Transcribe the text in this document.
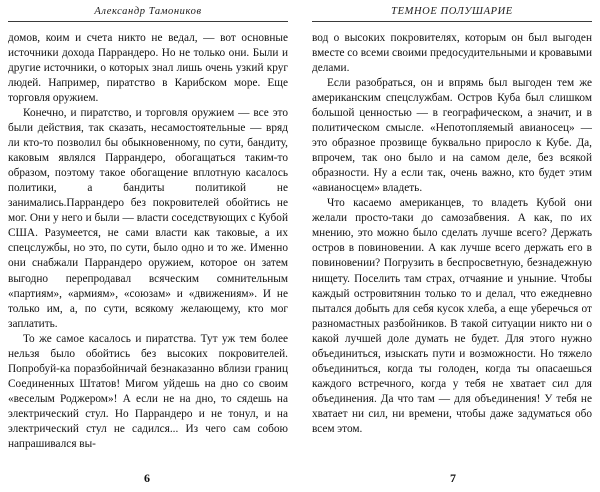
Александр Тамоников

домов, коим и счета никто не ведал, — вот основные источники дохода Паррандеро. Но не только они. Были и другие источники, о которых знал лишь очень узкий круг людей. Например, пиратство в Карибском море. Еще торговля оружием.

Конечно, и пиратство, и торговля оружием — все это были действия, так сказать, несамостоятельные — вряд ли кто-то позволил бы обыкновенному, по сути, бандиту, каковым являлся Паррандеро, обогащаться таким-то образом, поэтому такое обогащение вплотную касалось политики, а бандиты политикой не занимались.Паррандеро без покровителей обойтись не мог. Они у него и были — власти соседствующих с Кубой США. Разумеется, не сами власти как таковые, а их спецслужбы, но это, по сути, было одно и то же. Именно они снабжали Паррандеро оружием, которое он затем выгодно перепродавал всяческим сомнительным «партиям», «армиям», «союзам» и «движениям». И не только им, а, по сути, всякому желающему, кто мог заплатить.

То же самое касалось и пиратства. Тут уж тем более нельзя было обойтись без высоких покровителей. Попробуй-ка поразбойничай безнаказанно вблизи границ Соединенных Штатов! Мигом уйдешь на дно со своим «веселым Роджером»! А если не на дно, то сядешь на электрический стул. Но Паррандеро и не тонул, и на электрический стул не садился... Из чего сам собою напрашивался вы-

6
ТЕМНОЕ ПОЛУШАРИЕ

вод о высоких покровителях, которым он был выгоден вместе со всеми своими предосудительными и кровавыми делами.

Если разобраться, он и впрямь был выгоден тем же американским спецслужбам. Остров Куба был слишком большой ценностью — в географическом, а значит, и в политическом смысле. «Непотопляемый авианосец» — это образное прозвище буквально приросло к Кубе. Да, впрочем, так оно было и на самом деле, без всякой образности. Ну а если так, очень важно, кто будет этим «авианосцем» владеть.

Что касаемо американцев, то владеть Кубой они желали просто-таки до самозабвения. А как, по их мнению, это можно было сделать лучше всего? Держать остров в повиновении. А как лучше всего держать его в повиновении? Погрузить в беспросветную, безнадежную нищету. Поселить там страх, отчаяние и уныние. Чтобы каждый островитянин только то и делал, что ежедневно пытался добыть для себя кусок хлеба, а еще уберечься от разномастных разбойников. В такой ситуации никто ни о какой лучшей доле думать не будет. Для этого нужно объединиться, изыскать пути и возможности. Но тяжело объединиться, когда ты голоден, когда ты опасаешься каждого встречного, когда у тебя не хватает сил для объединения. Да что там — для объединения! У тебя не хватает ни сил, ни времени, чтобы даже задуматься обо всем этом.

7
